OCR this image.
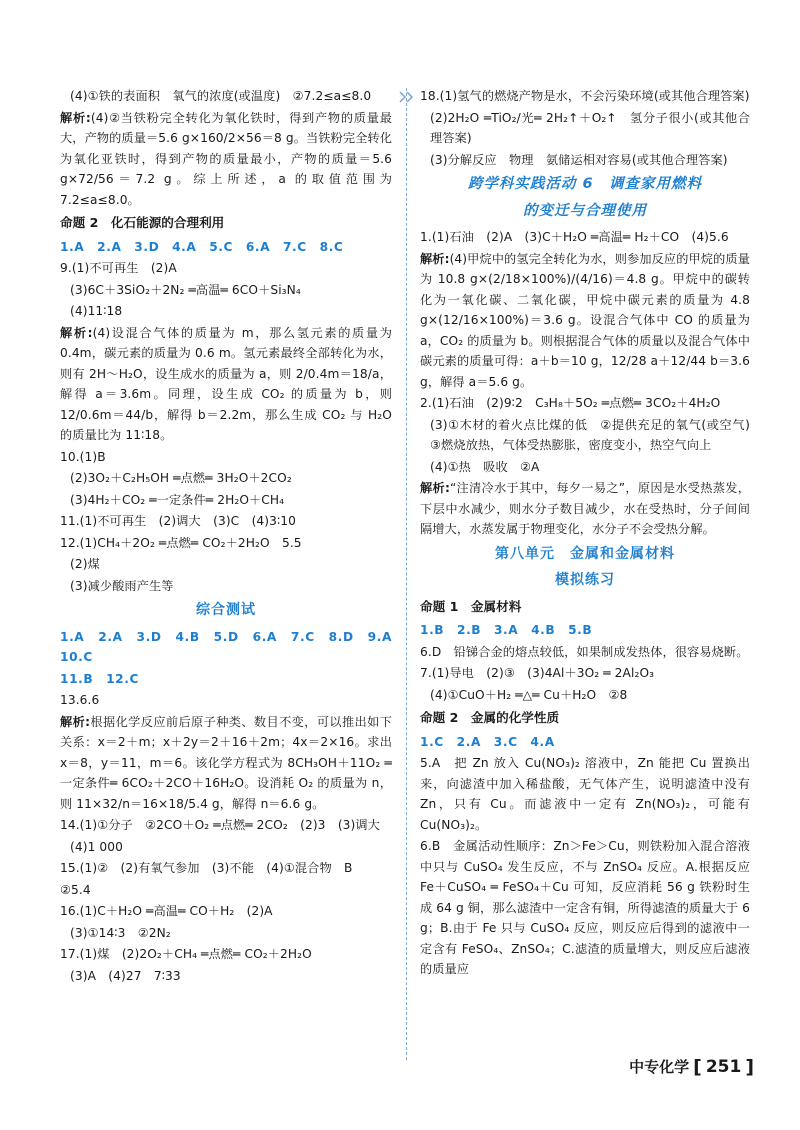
(4)①铁的表面积　氧气的浓度(或温度)　②7.2≤a≤8.0
解析:(4)②当铁粉完全转化为氧化铁时，得到产物的质量最大，产物的质量＝5.6 g×160/2×56＝8 g。当铁粉完全转化为氧化亚铁时，得到产物的质量最小，产物的质量＝5.6 g×72/56＝7.2 g。综上所述，a 的取值范围为 7.2≤a≤8.0。
命题 2　化石能源的合理利用
1.A　2.A　3.D　4.A　5.C　6.A　7.C　8.C
9.(1)不可再生　(2)A
(3)6C＋3SiO₂＋2N₂ ═高温═ 6CO＋Si₃N₄
(4)11∶18
解析:(4)设混合气体的质量为 m，那么氢元素的质量为 0.4m，碳元素的质量为 0.6 m。氢元素最终全部转化为水，则有 2H～H₂O，设生成水的质量为 a，则 2/0.4m＝18/a，解得 a＝3.6m。同理，设生成 CO₂ 的质量为 b，则 12/0.6m＝44/b，解得 b＝2.2m，那么生成 CO₂ 与 H₂O 的质量比为 11∶18。
10.(1)B
(2)3O₂＋C₂H₅OH ═点燃═ 3H₂O＋2CO₂
(3)4H₂＋CO₂ ═一定条件═ 2H₂O＋CH₄
11.(1)不可再生　(2)调大　(3)C　(4)3∶10
12.(1)CH₄＋2O₂ ═点燃═ CO₂＋2H₂O　5.5
(2)煤
(3)减少酸雨产生等
综合测试
1.A　2.A　3.D　4.B　5.D　6.A　7.C　8.D　9.A　10.C
11.B　12.C
13.6.6
解析:根据化学反应前后原子种类、数目不变，可以推出如下关系：x＝2＋m；x＋2y＝2＋16＋2m；4x＝2×16。求出 x＝8，y＝11，m＝6。该化学方程式为 8CH₃OH＋11O₂ ═一定条件═ 6CO₂＋2CO＋16H₂O。设消耗 O₂ 的质量为 n，则 11×32/n＝16×18/5.4 g，解得 n＝6.6 g。
14.(1)①分子　②2CO＋O₂ ═点燃═ 2CO₂　(2)3　(3)调大
(4)1 000
15.(1)②　(2)有氧气参加　(3)不能　(4)①混合物　B
②5.4
16.(1)C＋H₂O ═高温═ CO＋H₂　(2)A
(3)①14∶3　②2N₂
17.(1)煤　(2)2O₂＋CH₄ ═点燃═ CO₂＋2H₂O
(3)A　(4)27　7∶33
18.(1)氢气的燃烧产物是水，不会污染环境(或其他合理答案)
(2)2H₂O ═TiO₂/光═ 2H₂↑＋O₂↑　氢分子很小(或其他合理答案)
(3)分解反应　物理　氨储运相对容易(或其他合理答案)
跨学科实践活动 6　调查家用燃料
的变迁与合理使用
1.(1)石油　(2)A　(3)C＋H₂O ═高温═ H₂＋CO　(4)5.6
解析:(4)甲烷中的氢完全转化为水，则参加反应的甲烷的质量为 10.8 g×(2/18×100%)/(4/16)＝4.8 g。甲烷中的碳转化为一氧化碳、二氧化碳，甲烷中碳元素的质量为 4.8 g×(12/16×100%)＝3.6 g。设混合气体中 CO 的质量为 a，CO₂ 的质量为 b。则根据混合气体的质量以及混合气体中碳元素的质量可得：a＋b＝10 g，12/28 a＋12/44 b＝3.6 g，解得 a＝5.6 g。
2.(1)石油　(2)9∶2　C₃H₈＋5O₂ ═点燃═ 3CO₂＋4H₂O
(3)①木材的着火点比煤的低　②提供充足的氧气(或空气)　③燃烧放热，气体受热膨胀，密度变小，热空气向上
(4)①热　吸收　②A
解析:“注清冷水于其中，每夕一易之”，原因是水受热蒸发，下层中水减少，则水分子数目减少，水在受热时，分子间间隔增大，水蒸发属于物理变化，水分子不会受热分解。
第八单元　金属和金属材料
模拟练习
命题 1　金属材料
1.B　2.B　3.A　4.B　5.B
6.D　铅锑合金的熔点较低，如果制成发热体，很容易烧断。
7.(1)导电　(2)③　(3)4Al＋3O₂ ═ 2Al₂O₃
(4)①CuO＋H₂ ═△═ Cu＋H₂O　②8
命题 2　金属的化学性质
1.C　2.A　3.C　4.A
5.A　把 Zn 放入 Cu(NO₃)₂ 溶液中，Zn 能把 Cu 置换出来，向滤渣中加入稀盐酸，无气体产生，说明滤渣中没有 Zn，只有 Cu。而滤液中一定有 Zn(NO₃)₂，可能有 Cu(NO₃)₂。
6.B　金属活动性顺序：Zn＞Fe＞Cu，则铁粉加入混合溶液中只与 CuSO₄ 发生反应，不与 ZnSO₄ 反应。A.根据反应 Fe＋CuSO₄ ═ FeSO₄＋Cu 可知，反应消耗 56 g 铁粉时生成 64 g 铜，那么滤渣中一定含有铜，所得滤渣的质量大于 6 g；B.由于 Fe 只与 CuSO₄ 反应，则反应后得到的滤液中一定含有 FeSO₄、ZnSO₄；C.滤渣的质量增大，则反应后滤液的质量应
中专化学 [ 251 ]
